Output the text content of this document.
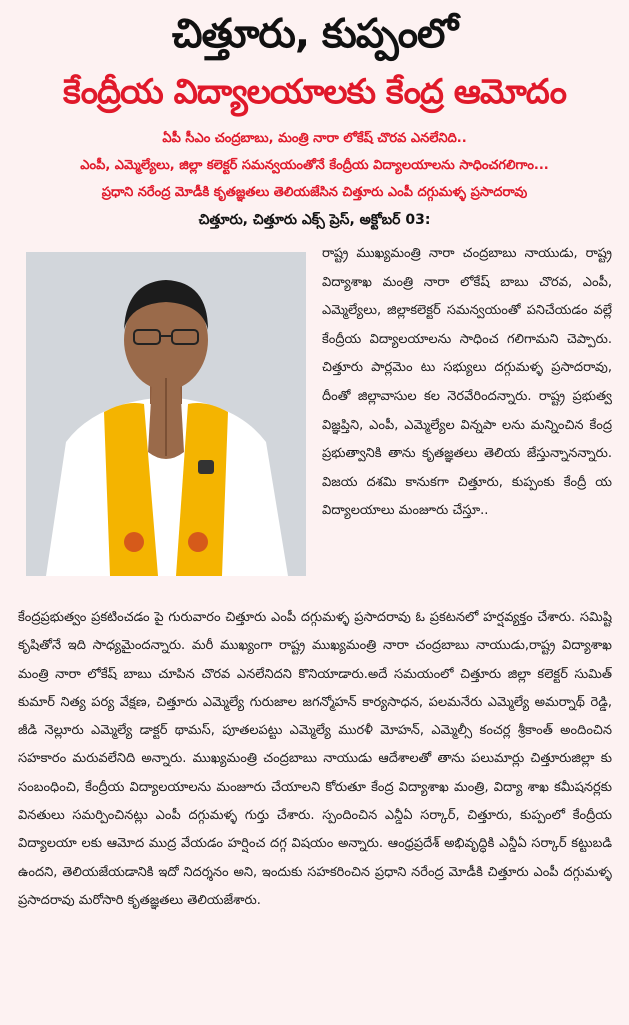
చిత్తూరు, కుప్పంలో
కేంద్రీయ విద్యాలయాలకు కేంద్ర ఆమోదం
ఏపీ సీఎం చంద్రబాబు, మంత్రి నారా లోకేష్ చొరవ ఎనలేనిది..
ఎంపీ, ఎమ్మెల్యేలు, జిల్లా కలెక్టర్ సమన్వయంతోనే కేంద్రీయ విద్యాలయాలను సాధించగలిగాం...
ప్రధాని నరేంద్ర మోడీకి కృతజ్ఞతలు తెలియజేసిన చిత్తూరు ఎంపీ దగ్గుమళ్ళ ప్రసాదరావు
చిత్తూరు, చిత్తూరు ఎక్స్ ప్రెస్, అక్టోబర్ 03:
రాష్ట్ర ముఖ్యమంత్రి నారా చంద్రబాబు నాయుడు, రాష్ట్ర విద్యాశాఖ మంత్రి నారా లోకేష్ బాబు చొరవ, ఎంపీ, ఎమ్మెల్యేలు, జిల్లాకలెక్టర్ సమన్వయంతో పనిచేయడం వల్లే కేంద్రీయ విద్యాలయాలను సాధించ గలిగామని చెప్పారు. చిత్తూరు పార్లమెం టు సభ్యులు దగ్గుమళ్ళ ప్రసాదరావు, దీంతో జిల్లావాసుల కల నెరవేరిందన్నారు. రాష్ట్ర ప్రభుత్వ విజ్ఞప్తిని, ఎంపీ, ఎమ్మెల్యేల విన్నపా లను మన్నించిన కేంద్ర ప్రభుత్వానికి తాను కృతజ్ఞతలు తెలియ జేస్తున్నానన్నారు. విజయ దశమి కానుకగా చిత్తూరు, కుప్పంకు కేంద్రీ య విద్యాలయాలు మంజూరు చేస్తూ..
కేంద్రప్రభుత్వం ప్రకటించడం పై గురువారం చిత్తూరు ఎంపీ దగ్గుమళ్ళ ప్రసాదరావు ఓ ప్రకటనలో హర్షవ్యక్తం చేశారు. సమిష్టి కృషితోనే ఇది సాధ్యమైందన్నారు. మరీ ముఖ్యంగా రాష్ట్ర ముఖ్యమంత్రి నారా చంద్రబాబు నాయుడు,రాష్ట్ర విద్యాశాఖ మంత్రి నారా లోకేష్ బాబు చూపిన చొరవ ఎనలేనిదని కొనియాడారు.అదే సమయంలో చిత్తూరు జిల్లా కలెక్టర్ సుమిత్ కుమార్ నిత్య పర్య వేక్షణ, చిత్తూరు ఎమ్మెల్యే గురుజాల జగన్మోహన్ కార్యసాధన, పలమనేరు ఎమ్మెల్యే అమర్నాథ్ రెడ్డి, జీడి నెల్లూరు ఎమ్మెల్యే డాక్టర్ థామస్, పూతలపట్టు ఎమ్మెల్యే మురళీ మోహన్, ఎమ్మెల్సీ కంచర్ల శ్రీకాంత్ అందించిన సహకారం మరువలేనిది అన్నారు. ముఖ్యమంత్రి చంద్రబాబు నాయుడు ఆదేశాలతో తాను పలుమార్లు చిత్తూరుజిల్లా కు సంబంధించి, కేంద్రీయ విద్యాలయాలను మంజూరు చేయాలని కోరుతూ కేంద్ర విద్యాశాఖ మంత్రి, విద్యా శాఖ కమీషనర్లకు వినతులు సమర్పించినట్లు ఎంపీ దగ్గుమళ్ళ గుర్తు చేశారు. స్పందించిన ఎన్డీఏ సర్కార్, చిత్తూరు, కుప్పంలో కేంద్రీయ విద్యాలయా లకు ఆమోద ముద్ర వేయడం హర్షించ దగ్గ విషయం అన్నారు. ఆంధ్రప్రదేశ్ అభివృద్ధికి ఎన్డీఏ సర్కార్ కట్టుబడి ఉందని, తెలియజేయడానికి ఇదో నిదర్శనం అని, ఇందుకు సహకరించిన ప్రధాని నరేంద్ర మోడీకి చిత్తూరు ఎంపీ దగ్గుమళ్ళ ప్రసాదరావు మరోసారి కృతజ్ఞతలు తెలియజేశారు.
